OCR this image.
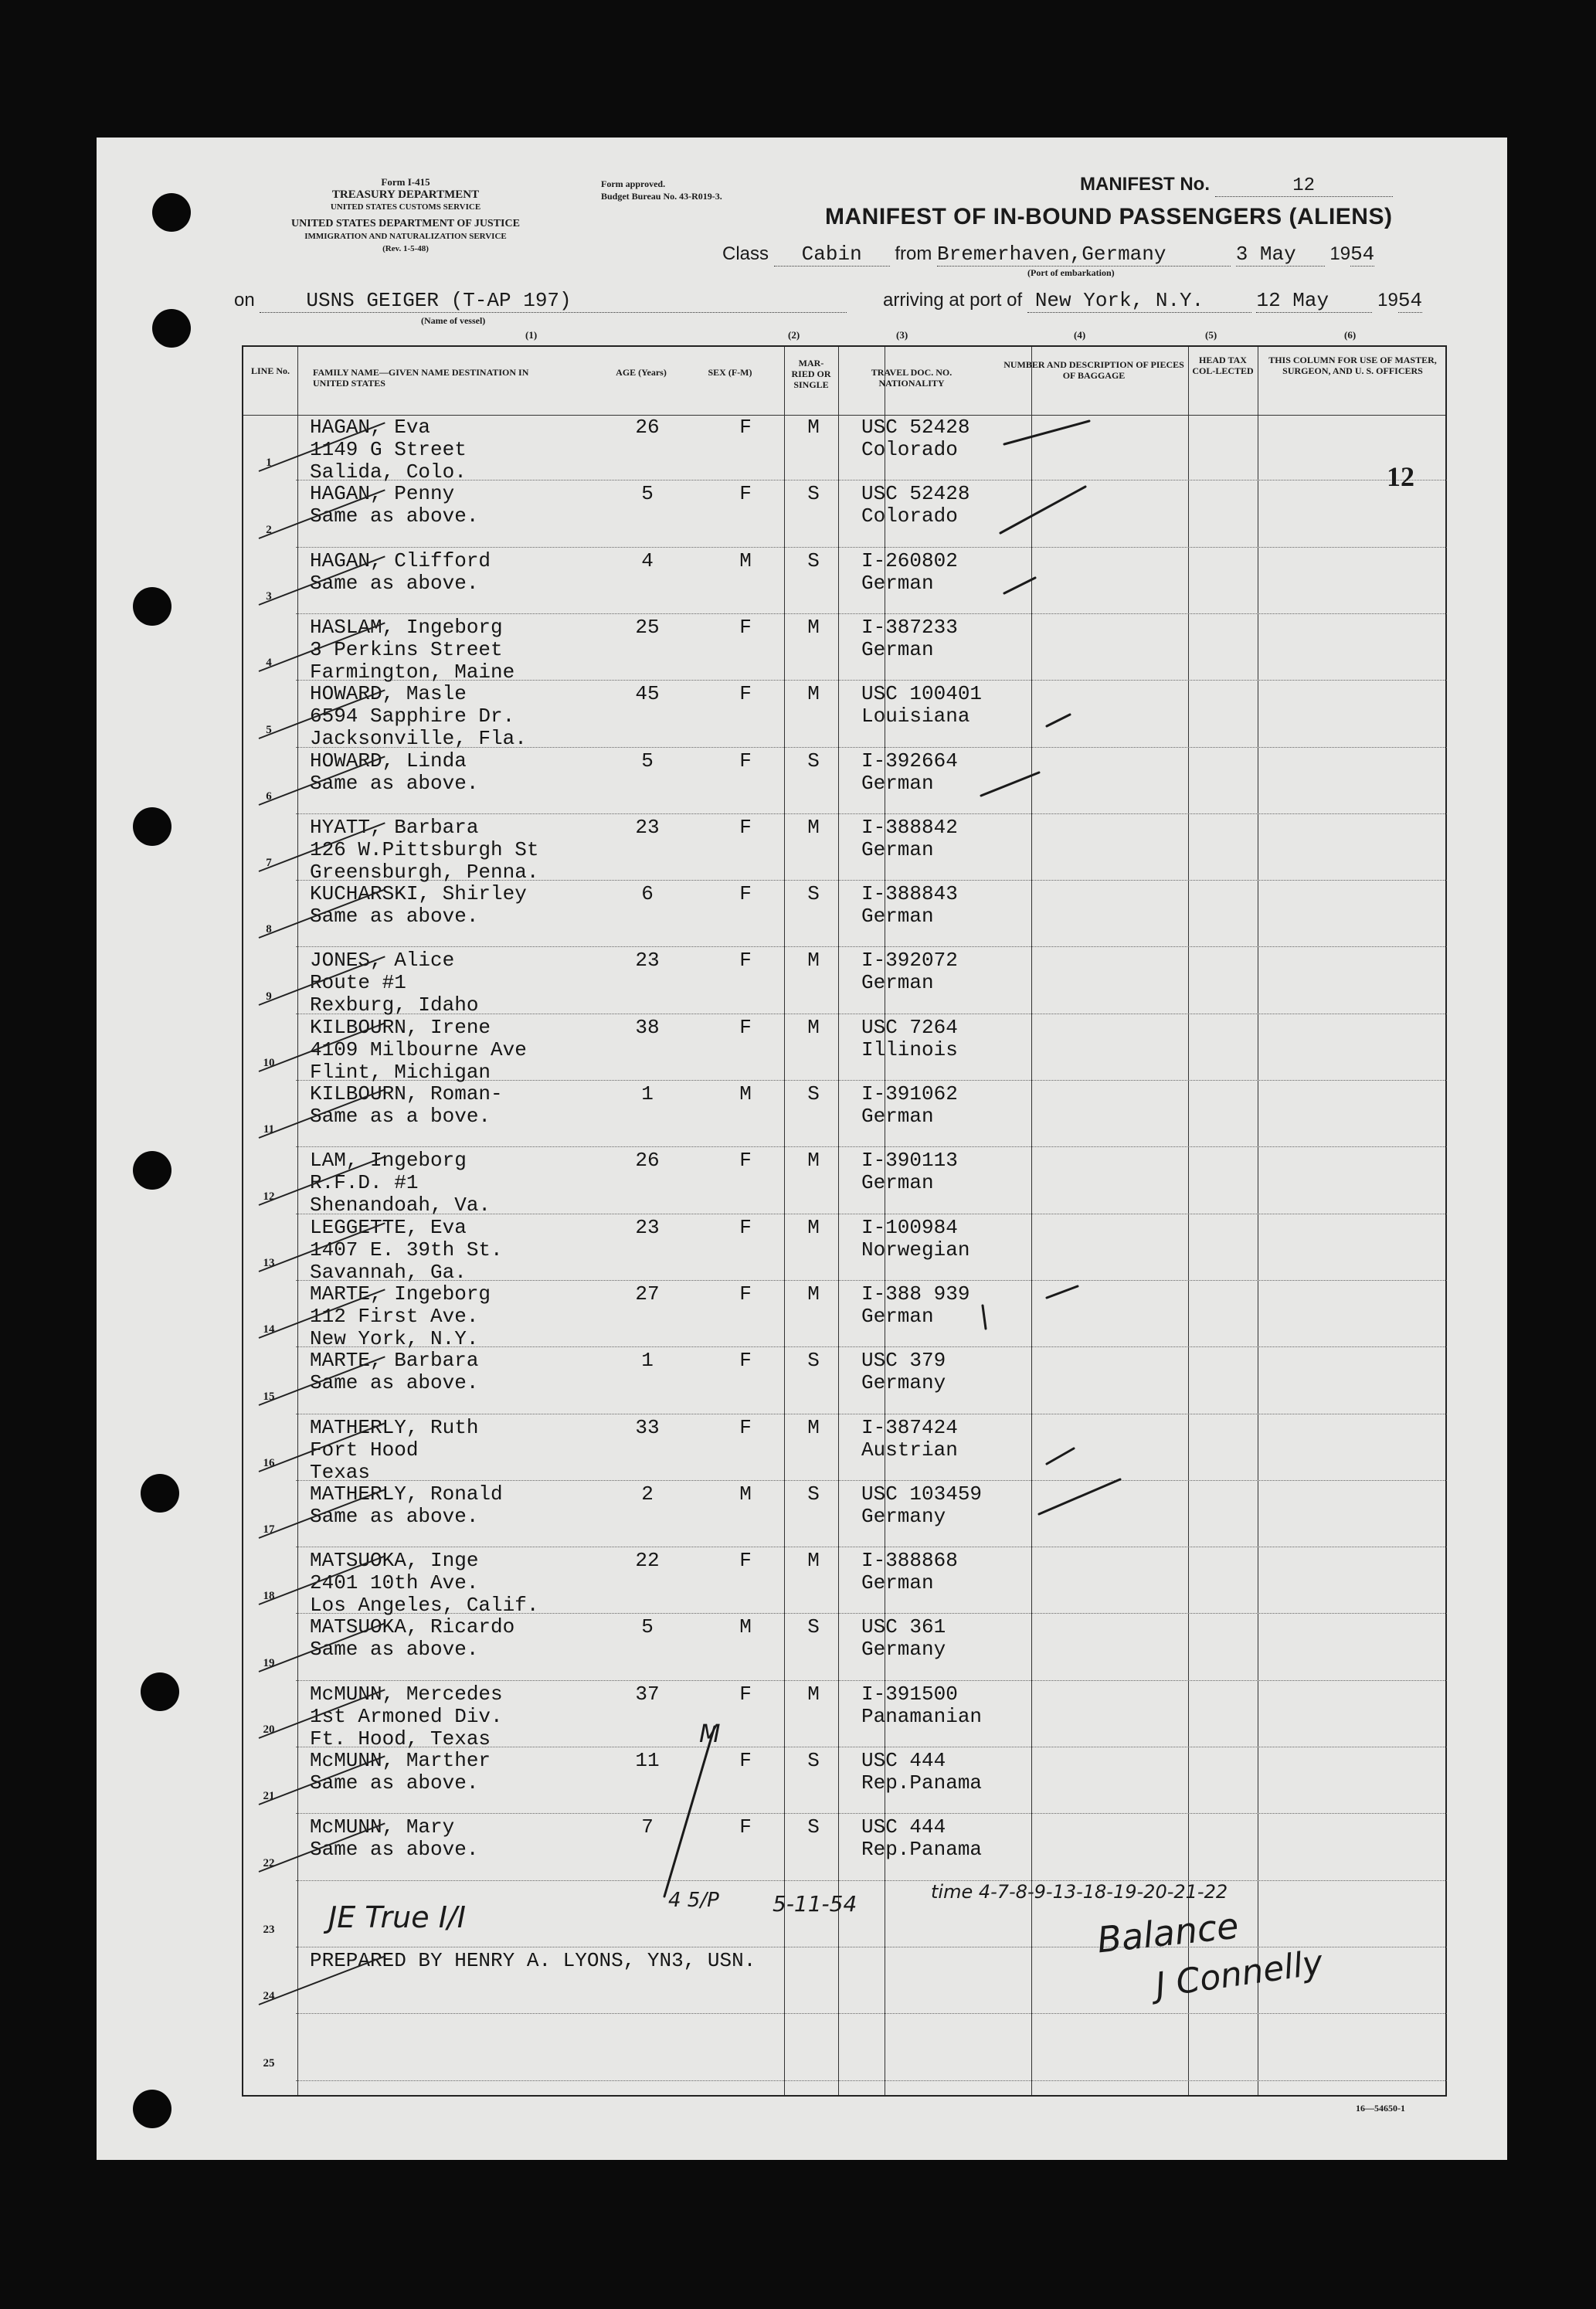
Form I-415
TREASURY DEPARTMENT
UNITED STATES CUSTOMS SERVICE
UNITED STATES DEPARTMENT OF JUSTICE
IMMIGRATION AND NATURALIZATION SERVICE
(Rev. 1-5-48)
Form approved.
Budget Bureau No. 43-R019-3.
MANIFEST No.	12
MANIFEST OF IN-BOUND PASSENGERS (ALIENS)
Class Cabin from Bremerhaven,Germany	3 May 1954
(Port of embarkation)
on	USNS GEIGER (T-AP 197)	arriving at port of New York, N.Y.	12 May	1954
(Name of vessel)
(1)	(2)	(3)	(4)	(5)	(6)
LINE No.	FAMILY NAME—GIVEN NAME DESTINATION IN UNITED STATES
AGE (Years)	SEX (F-M)
MAR-RIED OR SINGLE
TRAVEL DOC. NO. NATIONALITY
NUMBER AND DESCRIPTION OF PIECES OF BAGGAGE
HEAD TAX COL-LECTED
THIS COLUMN FOR USE OF MASTER, SURGEON, AND U. S. OFFICERS
1
HAGAN, Eva
1149 G Street
Salida, Colo.
26	F	M	USC 52428
Colorado
2
HAGAN, Penny
Same as above.
5	F	S	USC 52428
Colorado
3
HAGAN, Clifford
Same as above.
4	M	S	I-260802
German
4
HASLAM, Ingeborg
3 Perkins Street
Farmington, Maine
25	F	M	I-387233
German
5
HOWARD, Masle
6594 Sapphire Dr.
Jacksonville, Fla.
45	F	M	USC 100401
Louisiana
6
HOWARD, Linda
Same as above.
5	F	S	I-392664
German
7
HYATT, Barbara
126 W.Pittsburgh St
Greensburgh, Penna.
23	F	M	I-388842
German
8
KUCHARSKI, Shirley
Same as above.
6	F	S	I-388843
German
9
JONES, Alice
Route #1
Rexburg, Idaho
23	F	M	I-392072
German
10
KILBOURN, Irene
4109 Milbourne Ave
Flint, Michigan
38	F	M	USC 7264
Illinois
11
KILBOURN, Roman-
Same as a bove.
1	M	S	I-391062
German
12
LAM, Ingeborg
R.F.D. #1
Shenandoah, Va.
26	F	M	I-390113
German
13
LEGGETTE, Eva
1407 E. 39th St.
Savannah, Ga.
23	F	M	I-100984
Norwegian
14
MARTE, Ingeborg
112 First Ave.
New York, N.Y.
27	F	M	I-388 939
German
15
MARTE, Barbara
Same as above.
1	F	S	USC 379
Germany
16
MATHERLY, Ruth
Fort Hood
Texas
33	F	M	I-387424
Austrian
17
MATHERLY, Ronald
Same as above.
2	M	S	USC 103459
Germany
18
MATSUOKA, Inge
2401 10th Ave.
Los Angeles, Calif.
22	F	M	I-388868
German
19
MATSUOKA, Ricardo
Same as above.
5	M	S	USC 361
Germany
20
McMUNN, Mercedes
1st Armoned Div.
Ft. Hood, Texas
37	F	M	I-391500
Panamanian
21
McMUNN, Marther
Same as above.
11	F	S	USC 444
Rep.Panama
22
McMUNN, Mary
Same as above.
7	F	S	USC 444
Rep.Panama
23
24
PREPARED BY HENRY A. LYONS, YN3, USN.
25
12
M
JE True I/I	4 5/P 5-11-54	time 4-7-8-9-13-18-19-20-21-22
Balance
J Connelly
16—54650-1
